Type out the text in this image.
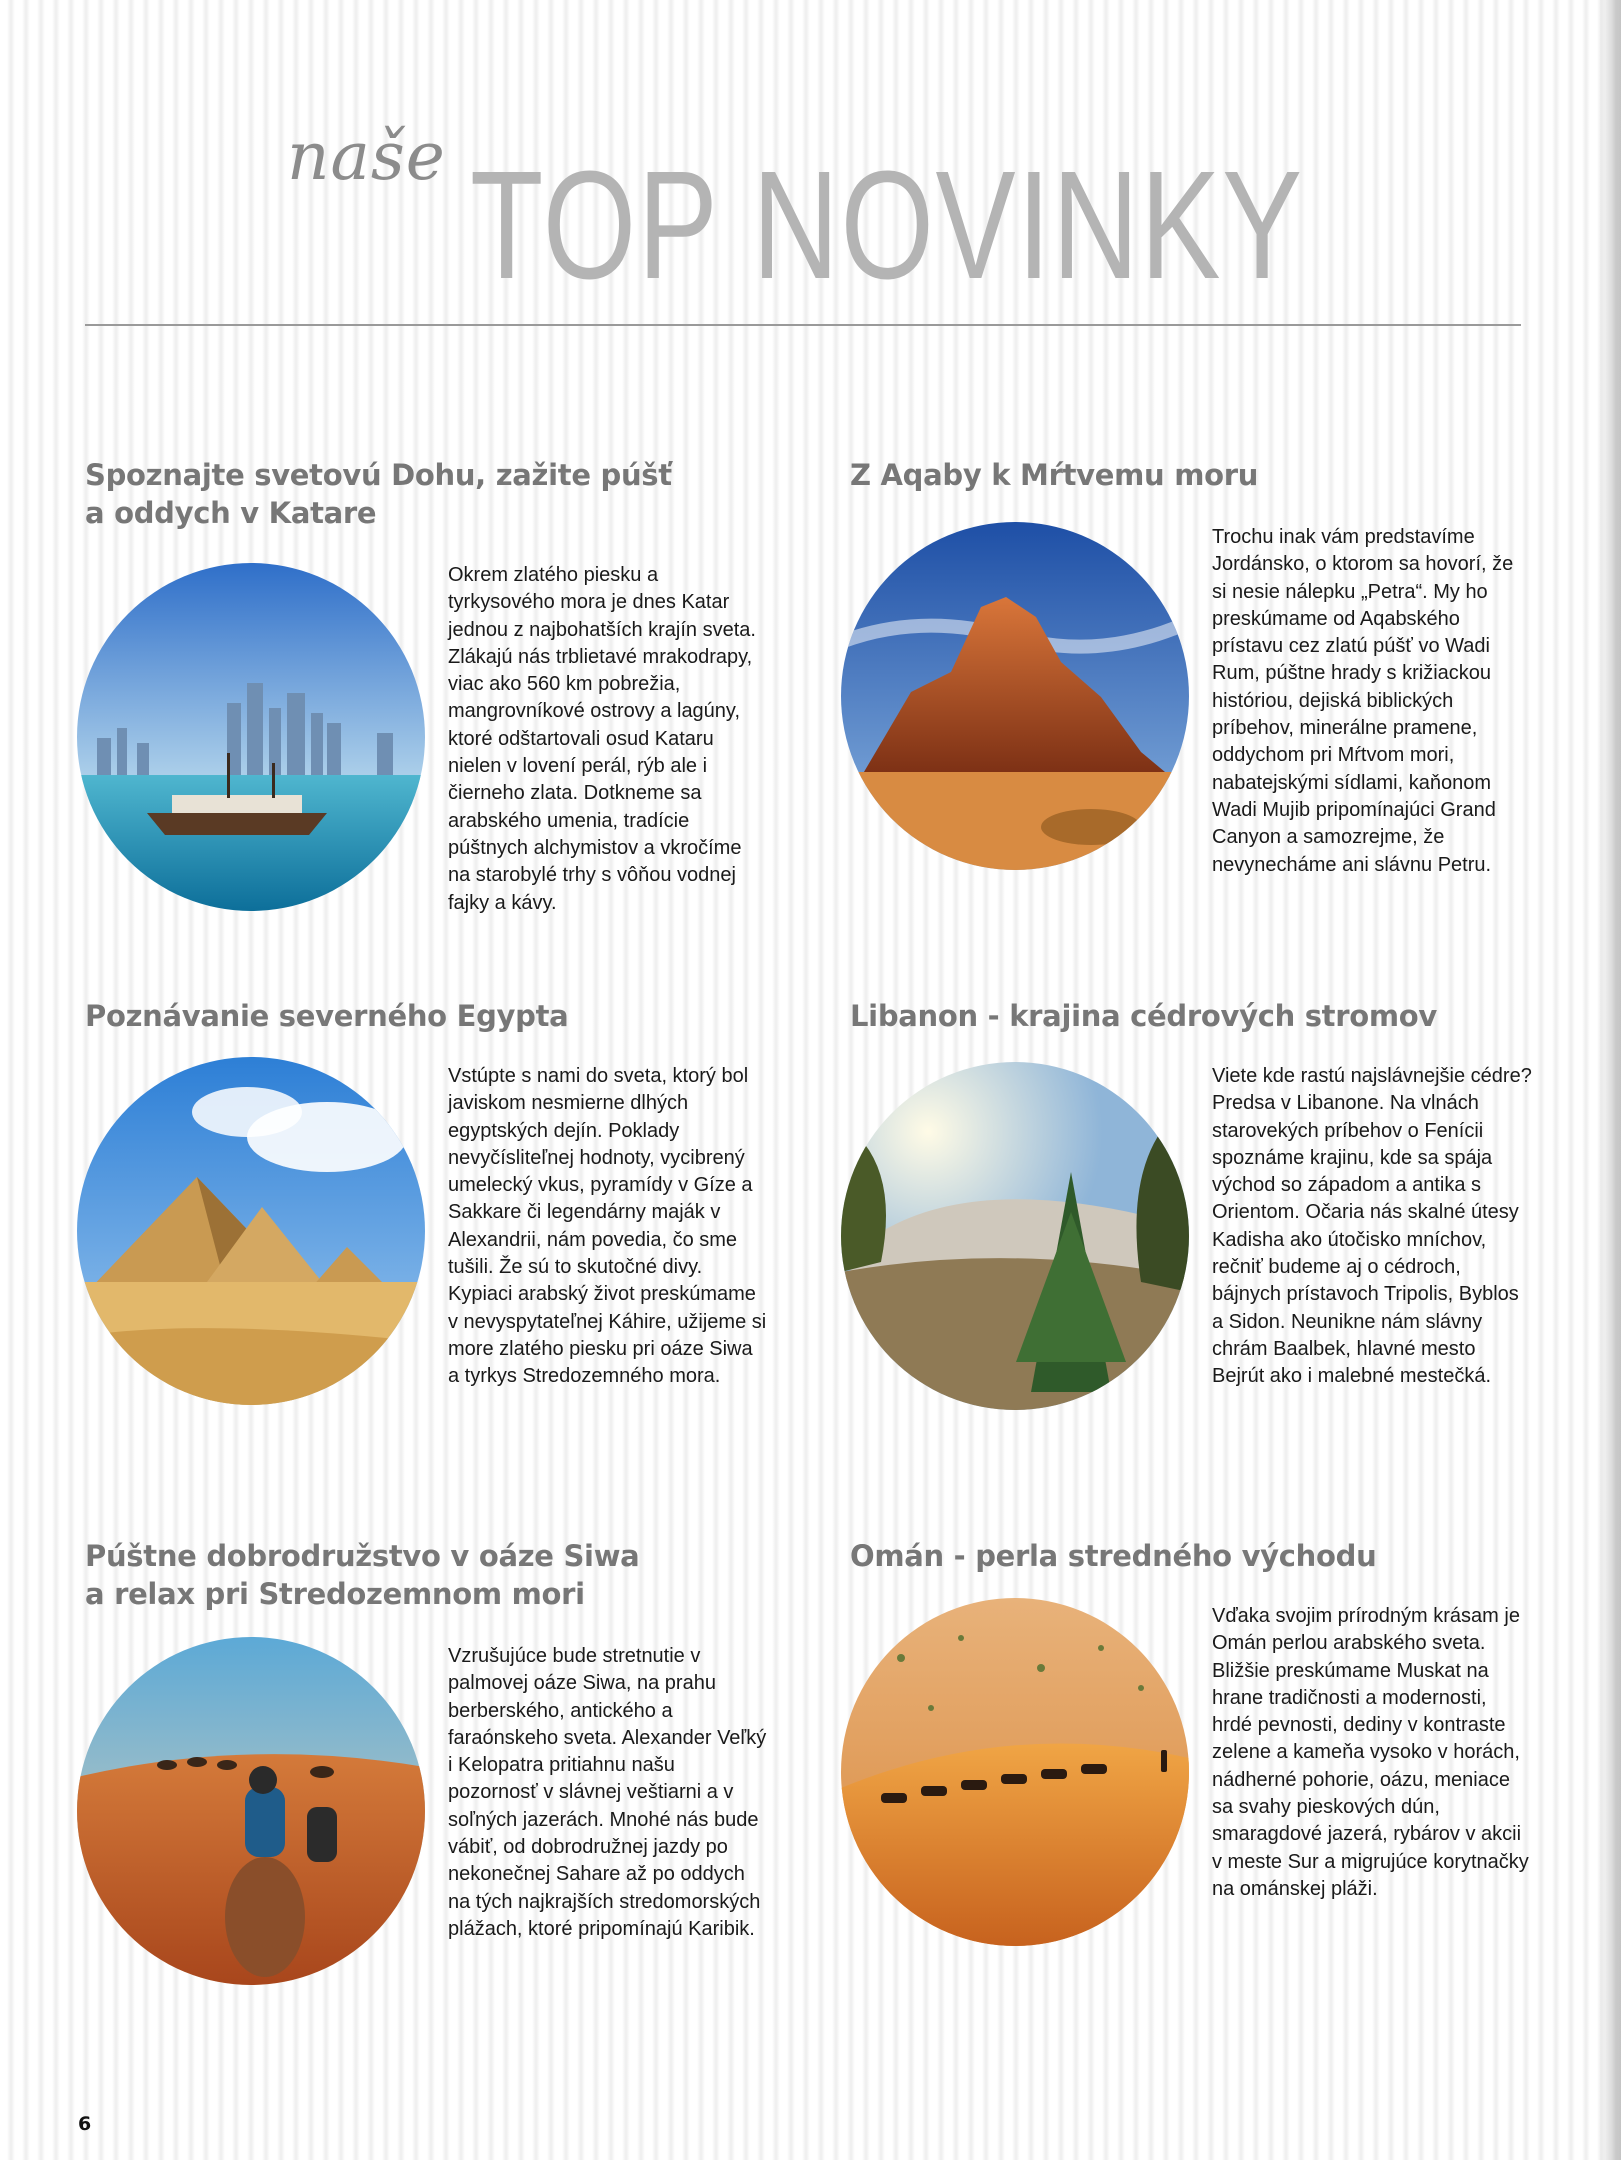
naše TOP NOVINKY
Spoznajte svetovú Dohu, zažite púšť
a oddych v Katare
Okrem zlatého piesku a tyrkysového mora je dnes Katar jednou z najbohatších krajín sveta. Zlákajú nás trblietavé mrakodrapy, viac ako 560 km pobrežia, mangrovníkové ostrovy a lagúny, ktoré odštartovali osud Kataru nielen v lovení perál, rýb ale i čierneho zlata. Dotkneme sa arabského umenia, tradície púštnych alchymistov a vkročíme na starobylé trhy s vôňou vodnej fajky a kávy.
Z Aqaby k Mŕtvemu moru
Trochu inak vám predstavíme Jordánsko, o ktorom sa hovorí, že si nesie nálepku „Petra“. My ho preskúmame od Aqabského prístavu cez zlatú púšť vo Wadi Rum, púštne hrady s križiackou históriou, dejiská biblických príbehov, minerálne pramene, oddychom pri Mŕtvom mori, nabatejskými sídlami, kaňonom Wadi Mujib pripomínajúci Grand Canyon a samozrejme, že nevynecháme ani slávnu Petru.
Poznávanie severného Egypta
Vstúpte s nami do sveta, ktorý bol javiskom nesmierne dlhých egyptských dejín. Poklady nevyčísliteľnej hodnoty, vycibrený umelecký vkus, pyramídy v Gíze a Sakkare či legendárny maják v Alexandrii, nám povedia, čo sme tušili. Že sú to skutočné divy. Kypiaci arabský život preskúmame v nevyspytateľnej Káhire, užijeme si more zlatého piesku pri oáze Siwa a tyrkys Stredozemného mora.
Libanon - krajina cédrových stromov
Viete kde rastú najslávnejšie cédre? Predsa v Libanone. Na vlnách starovekých príbehov o Fenícii spoznáme krajinu, kde sa spája východ so západom a antika s Orientom. Očaria nás skalné útesy Kadisha ako útočisko mníchov, rečniť budeme aj o cédroch, bájnych prístavoch Tripolis, Byblos a Sidon. Neunikne nám slávny chrám Baalbek, hlavné mesto Bejrút ako i malebné mestečká.
Púštne dobrodružstvo v oáze Siwa
a relax pri Stredozemnom mori
Vzrušujúce bude stretnutie v palmovej oáze Siwa, na prahu berberského, antického a faraónskeho sveta. Alexander Veľký i Kelopatra pritiahnu našu pozornosť v slávnej veštiarni a v soľných jazerách. Mnohé nás bude vábiť, od dobrodružnej jazdy po nekonečnej Sahare až po oddych na tých najkrajších stredomorských plážach, ktoré pripomínajú Karibik.
Omán - perla stredného východu
Vďaka svojim prírodným krásam je Omán perlou arabského sveta. Bližšie preskúmame Muskat na hrane tradičnosti a modernosti, hrdé pevnosti, dediny v kontraste zelene a kameňa vysoko v horách, nádherné pohorie, oázu, meniace sa svahy pieskových dún, smaragdové jazerá, rybárov v akcii v meste Sur a migrujúce korytnačky na ománskej pláži.
6
